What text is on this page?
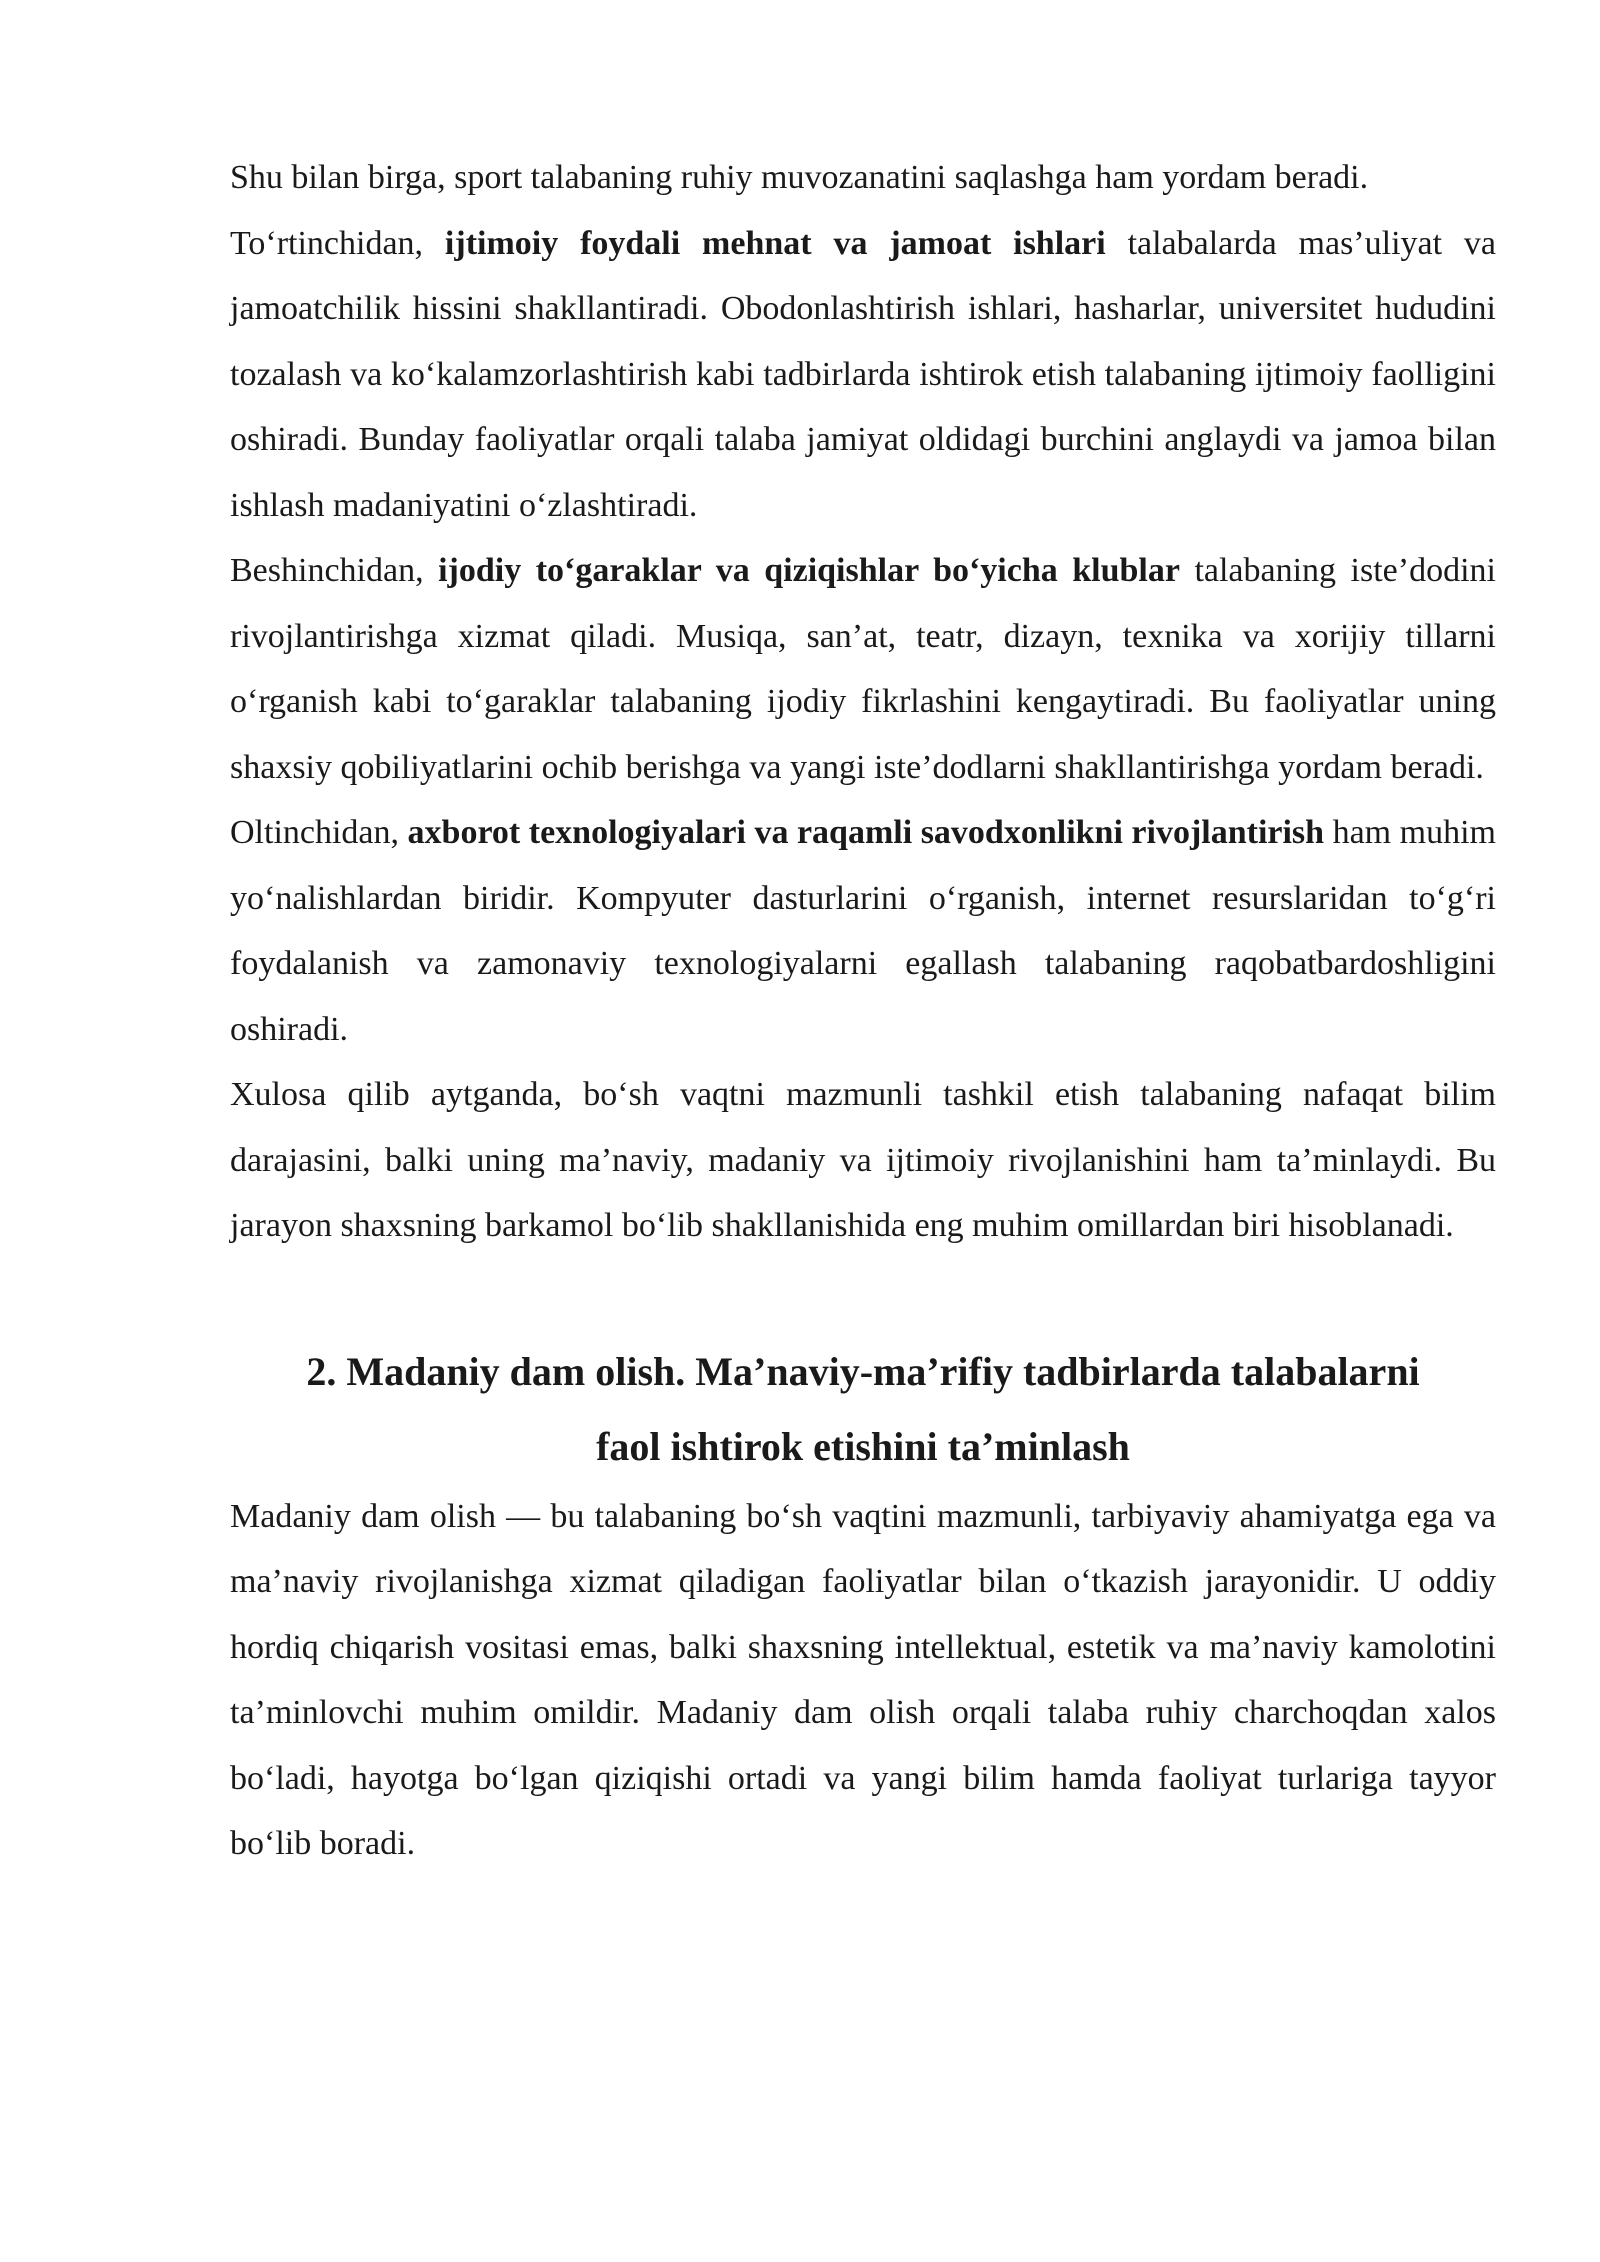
Shu bilan birga, sport talabaning ruhiy muvozanatini saqlashga ham yordam beradi.

To‘rtinchidan, ijtimoiy foydali mehnat va jamoat ishlari talabalarda mas’uliyat va jamoatchilik hissini shakllantiradi. Obodonlashtirish ishlari, hasharlar, universitet hududini tozalash va ko‘kalamzorlashtirish kabi tadbirlarda ishtirok etish talabaning ijtimoiy faolligini oshiradi. Bunday faoliyatlar orqali talaba jamiyat oldidagi burchini anglaydi va jamoa bilan ishlash madaniyatini o‘zlashtiradi.

Beshinchidan, ijodiy to‘garaklar va qiziqishlar bo‘yicha klublar talabaning iste’dodini rivojlantirishga xizmat qiladi. Musiqa, san’at, teatr, dizayn, texnika va xorijiy tillarni o‘rganish kabi to‘garaklar talabaning ijodiy fikrlashini kengaytiradi. Bu faoliyatlar uning shaxsiy qobiliyatlarini ochib berishga va yangi iste’dodlarni shakllantirishga yordam beradi.

Oltinchidan, axborot texnologiyalari va raqamli savodxonlikni rivojlantirish ham muhim yo‘nalishlardan biridir. Kompyuter dasturlarini o‘rganish, internet resurslaridan to‘g‘ri foydalanish va zamonaviy texnologiyalarni egallash talabaning raqobatbardoshligini oshiradi.

Xulosa qilib aytganda, bo‘sh vaqtni mazmunli tashkil etish talabaning nafaqat bilim darajasini, balki uning ma’naviy, madaniy va ijtimoiy rivojlanishini ham ta’minlaydi. Bu jarayon shaxsning barkamol bo‘lib shakllanishida eng muhim omillardan biri hisoblanadi.

2. Madaniy dam olish. Ma’naviy-ma’rifiy tadbirlarda talabalarni
faol ishtirok etishini ta’minlash

Madaniy dam olish — bu talabaning bo‘sh vaqtini mazmunli, tarbiyaviy ahamiyatga ega va ma’naviy rivojlanishga xizmat qiladigan faoliyatlar bilan o‘tkazish jarayonidir. U oddiy hordiq chiqarish vositasi emas, balki shaxsning intellektual, estetik va ma’naviy kamolotini ta’minlovchi muhim omildir. Madaniy dam olish orqali talaba ruhiy charchoqdan xalos bo‘ladi, hayotga bo‘lgan qiziqishi ortadi va yangi bilim hamda faoliyat turlariga tayyor bo‘lib boradi.
